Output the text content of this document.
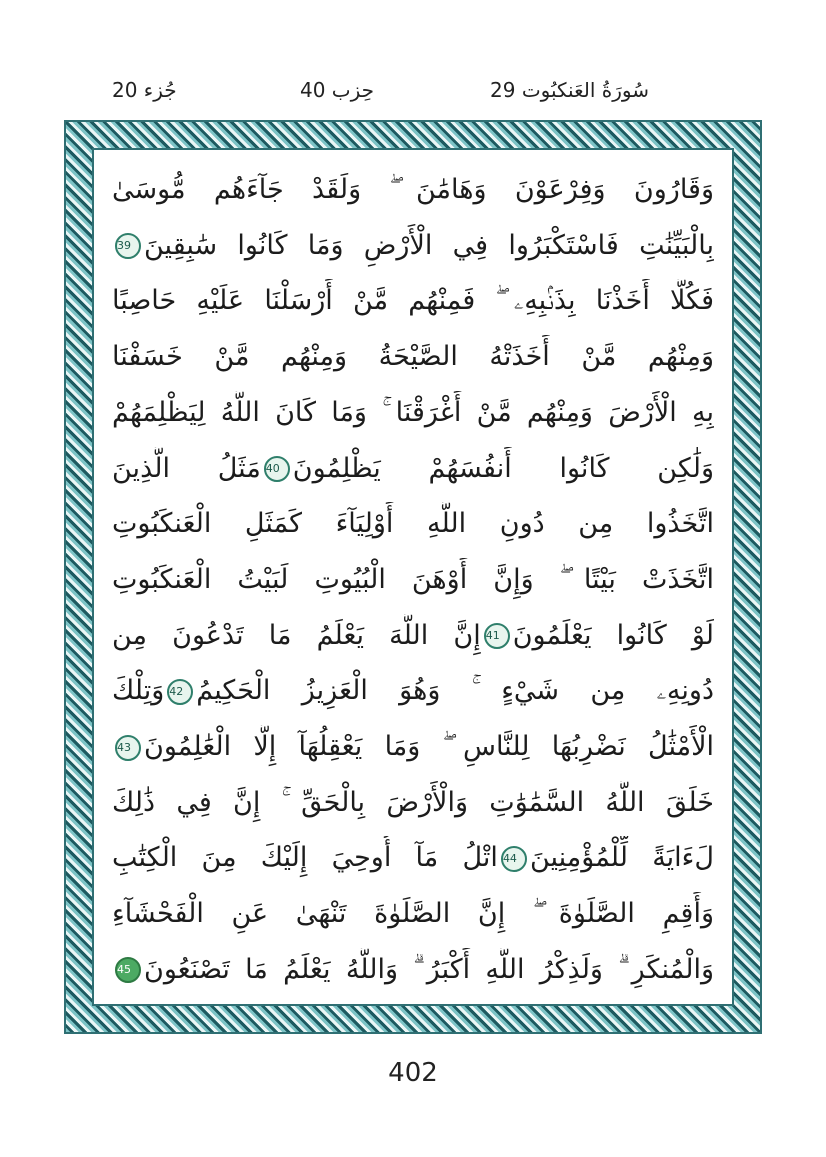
جُزء 20	حِزب 40	29 سُورَةُ العَنكبُوت
وَقَارُونَ وَفِرْعَوْنَ وَهَامَٰنَ ۖ وَلَقَدْ جَآءَهُم مُّوسَىٰ
بِالْبَيِّنَٰتِ فَاسْتَكْبَرُوا فِي الْأَرْضِ وَمَا كَانُوا سَٰبِقِينَ39
فَكُلًّا أَخَذْنَا بِذَنۢبِهِۦ ۖ فَمِنْهُم مَّنْ أَرْسَلْنَا عَلَيْهِ حَاصِبًا
وَمِنْهُم مَّنْ أَخَذَتْهُ الصَّيْحَةُ وَمِنْهُم مَّنْ خَسَفْنَا
بِهِ الْأَرْضَ وَمِنْهُم مَّنْ أَغْرَقْنَا ۚ وَمَا كَانَ اللَّهُ لِيَظْلِمَهُمْ
وَلَٰكِن كَانُوا أَنفُسَهُمْ يَظْلِمُونَ40مَثَلُ الَّذِينَ
اتَّخَذُوا مِن دُونِ اللَّهِ أَوْلِيَآءَ كَمَثَلِ الْعَنكَبُوتِ
اتَّخَذَتْ بَيْتًا ۖ وَإِنَّ أَوْهَنَ الْبُيُوتِ لَبَيْتُ الْعَنكَبُوتِ
لَوْ كَانُوا يَعْلَمُونَ41إِنَّ اللَّهَ يَعْلَمُ مَا تَدْعُونَ مِن
دُونِهِۦ مِن شَيْءٍ ۚ وَهُوَ الْعَزِيزُ الْحَكِيمُ42وَتِلْكَ
الْأَمْثَٰلُ نَضْرِبُهَا لِلنَّاسِ ۖ وَمَا يَعْقِلُهَآ إِلَّا الْعَٰلِمُونَ43
خَلَقَ اللَّهُ السَّمَٰوَٰتِ وَالْأَرْضَ بِالْحَقِّ ۚ إِنَّ فِي ذَٰلِكَ
لَءَايَةً لِّلْمُؤْمِنِينَ44اتْلُ مَآ أُوحِيَ إِلَيْكَ مِنَ الْكِتَٰبِ
وَأَقِمِ الصَّلَوٰةَ ۖ إِنَّ الصَّلَوٰةَ تَنْهَىٰ عَنِ الْفَحْشَآءِ
وَالْمُنكَرِ ۗ وَلَذِكْرُ اللَّهِ أَكْبَرُ ۗ وَاللَّهُ يَعْلَمُ مَا تَصْنَعُونَ45
402
